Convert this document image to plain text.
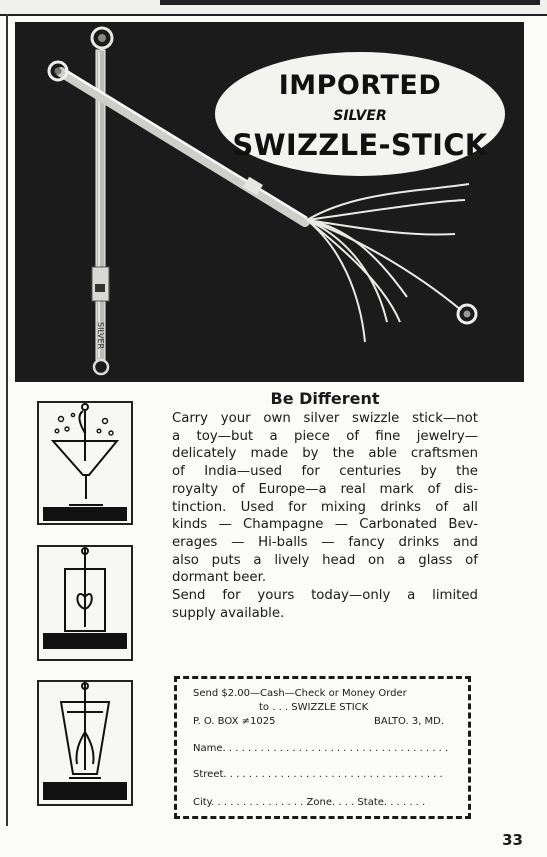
SILVER
IMPORTED
SILVER
SWIZZLE-STICK
Be Different
Carry your own silver swizzle stick—not
a toy—but a piece of fine jewelry—
delicately made by the able craftsmen
of India—used for centuries by the
royalty of Europe—a real mark of dis-
tinction. Used for mixing drinks of all
kinds — Champagne — Carbonated Bev-
erages — Hi-balls — fancy drinks and
also puts a lively head on a glass of
dormant beer.
Send for yours today—only a limited
supply available.
Send $2.00—Cash—Check or Money Order
to . . . SWIZZLE STICK
P. O. BOX ≠1025	BALTO. 3, MD.
Name. . . . . . . . . . . . . . . . . . . . . . . . . . . . . . . . . . . .
Street. . . . . . . . . . . . . . . . . . . . . . . . . . . . . . . . . . .
City. . . . . . . . . . . . . . . Zone. . . . State. . . . . . .
33
